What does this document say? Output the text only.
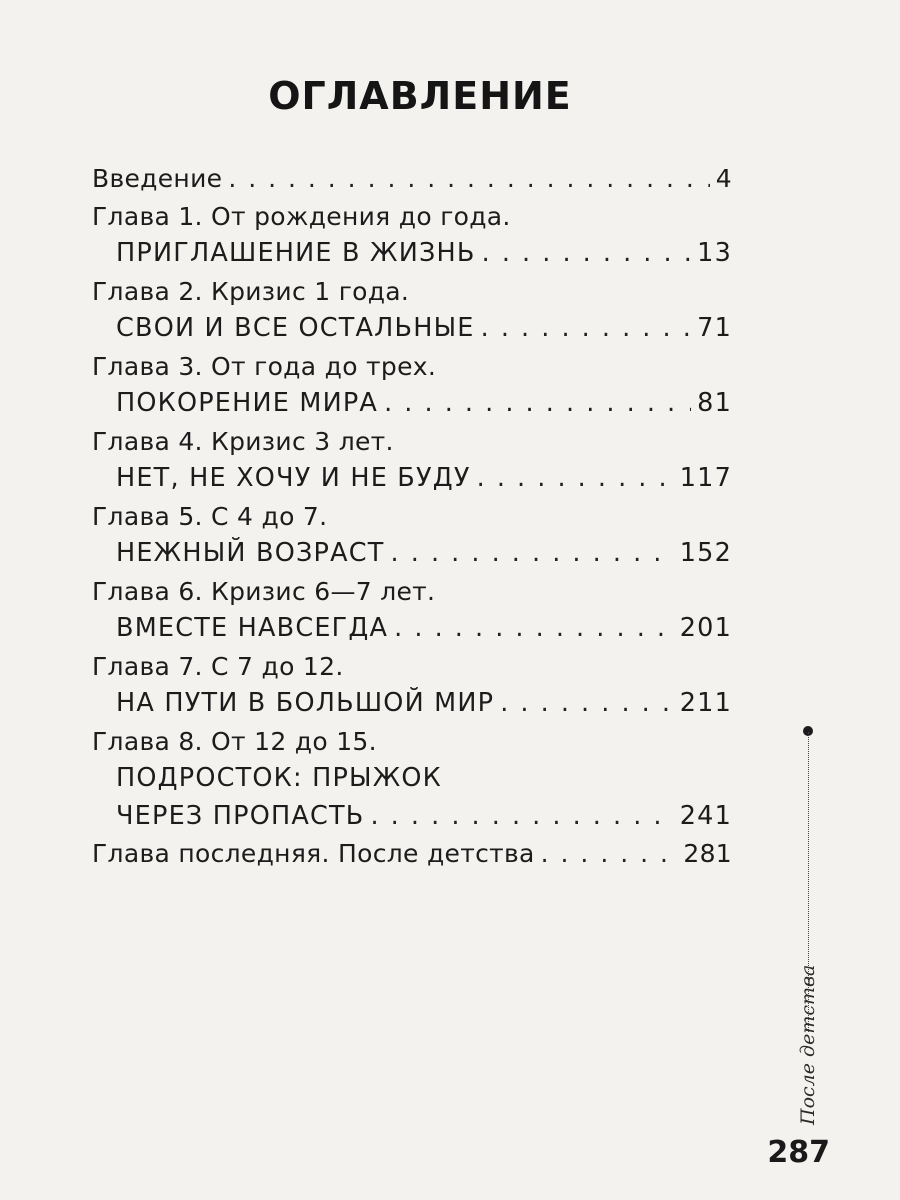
ОГЛАВЛЕНИЕ
Введение . . .	4
Глава 1. От рождения до года.
ПРИГЛАШЕНИЕ В ЖИЗНЬ . . .	13
Глава 2. Кризис 1 года.
СВОИ И ВСЕ ОСТАЛЬНЫЕ . . .	71
Глава 3. От года до трех.
ПОКОРЕНИЕ МИРА . . .	81
Глава 4. Кризис 3 лет.
НЕТ, НЕ ХОЧУ И НЕ БУДУ . . .	117
Глава 5. С 4 до 7.
НЕЖНЫЙ ВОЗРАСТ . . .	152
Глава 6. Кризис 6—7 лет.
ВМЕСТЕ НАВСЕГДА . . .	201
Глава 7. С 7 до 12.
НА ПУТИ В БОЛЬШОЙ МИР . . .	211
Глава 8. От 12 до 15.
ПОДРОСТОК: ПРЫЖОК
ЧЕРЕЗ ПРОПАСТЬ . . .	241
Глава последняя. После детства . . .	281
После детства
287
